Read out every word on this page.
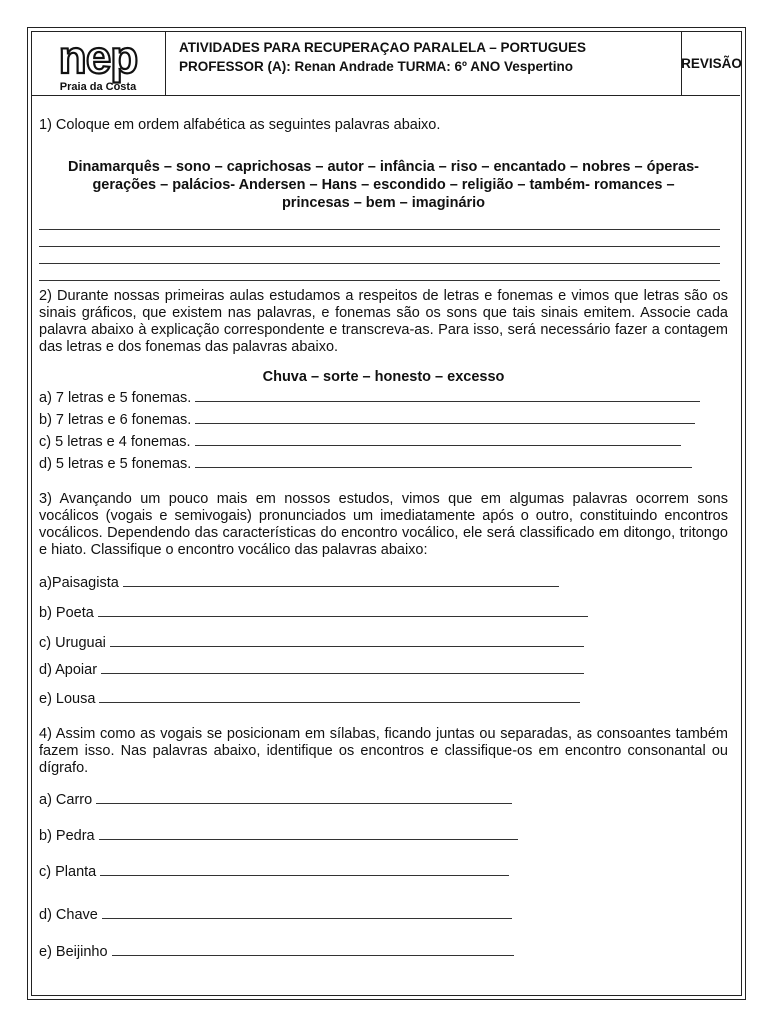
nep
Praia da Costa
ATIVIDADES PARA RECUPERAÇAO PARALELA – PORTUGUES
PROFESSOR (A): Renan Andrade TURMA: 6º ANO Vespertino	REVISÃO
1) Coloque em ordem alfabética as seguintes palavras abaixo.
Dinamarquês – sono – caprichosas – autor – infância – riso – encantado – nobres – óperas-
gerações – palácios- Andersen – Hans – escondido – religião – também- romances –
princesas – bem – imaginário
2) Durante nossas primeiras aulas estudamos a respeitos de letras e fonemas e vimos que letras são os sinais gráficos, que existem nas palavras, e fonemas são os sons que tais sinais emitem. Associe cada palavra abaixo à explicação correspondente e transcreva-as. Para isso, será necessário fazer a contagem das letras e dos fonemas das palavras abaixo.
Chuva – sorte – honesto – excesso
a) 7 letras e 5 fonemas.
b) 7 letras e 6 fonemas.
c) 5 letras e 4 fonemas.
d) 5 letras e 5 fonemas.
3) Avançando um pouco mais em nossos estudos, vimos que em algumas palavras ocorrem sons vocálicos (vogais e semivogais) pronunciados um imediatamente após o outro, constituindo encontros vocálicos. Dependendo das características do encontro vocálico, ele será classificado em ditongo, tritongo e hiato. Classifique o encontro vocálico das palavras abaixo:
a)Paisagista
b) Poeta
c) Uruguai
d) Apoiar
e) Lousa
4) Assim como as vogais se posicionam em sílabas, ficando juntas ou separadas, as consoantes também fazem isso. Nas palavras abaixo, identifique os encontros e classifique-os em encontro consonantal ou dígrafo.
a) Carro
b) Pedra
c) Planta
d) Chave
e) Beijinho
